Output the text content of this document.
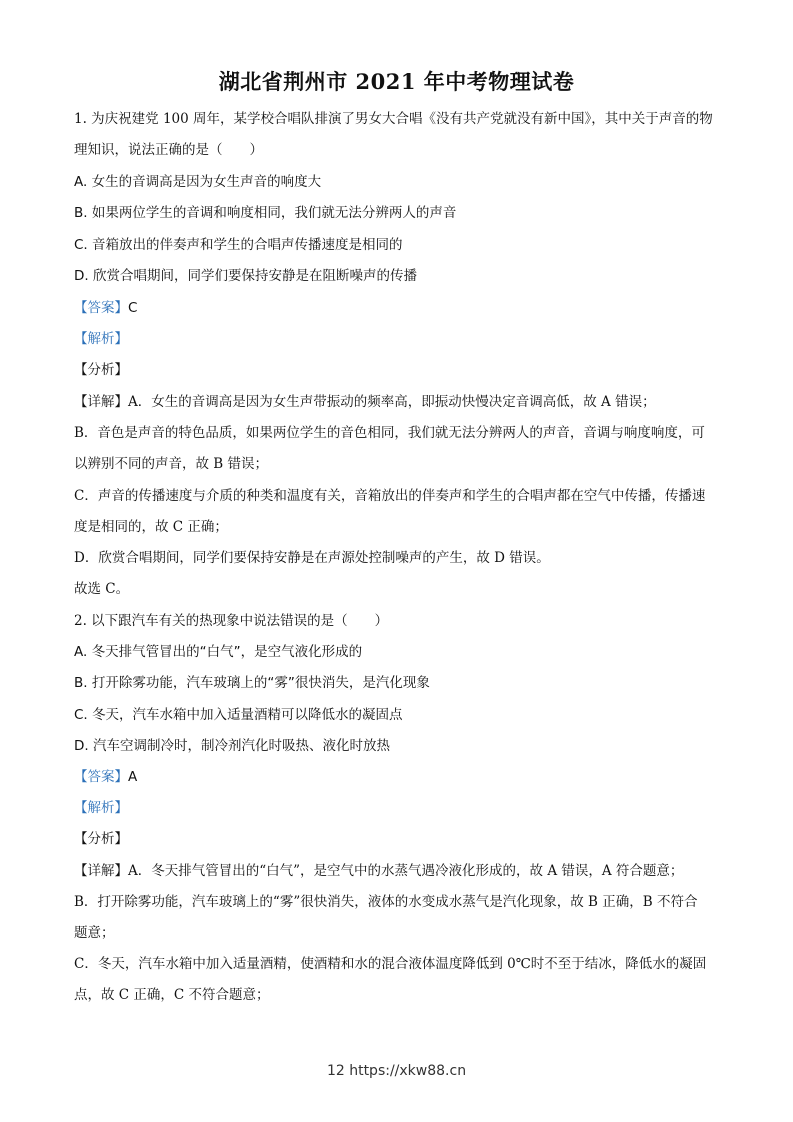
湖北省荆州市 2021 年中考物理试卷
1. 为庆祝建党 100 周年，某学校合唱队排演了男女大合唱《没有共产党就没有新中国》，其中关于声音的物
理知识，说法正确的是（　　）
A. 女生的音调高是因为女生声音的响度大
B. 如果两位学生的音调和响度相同，我们就无法分辨两人的声音
C. 音箱放出的伴奏声和学生的合唱声传播速度是相同的
D. 欣赏合唱期间，同学们要保持安静是在阻断噪声的传播
【答案】C
【解析】
【分析】
【详解】A．女生的音调高是因为女生声带振动的频率高，即振动快慢决定音调高低，故 A 错误；
B．音色是声音的特色品质，如果两位学生的音色相同，我们就无法分辨两人的声音，音调与响度响度，可
以辨别不同的声音，故 B 错误；
C．声音的传播速度与介质的种类和温度有关，音箱放出的伴奏声和学生的合唱声都在空气中传播，传播速
度是相同的，故 C 正确；
D．欣赏合唱期间，同学们要保持安静是在声源处控制噪声的产生，故 D 错误。
故选 C。
2. 以下跟汽车有关的热现象中说法错误的是（　　）
A. 冬天排气管冒出的“白气”，是空气液化形成的
B. 打开除雾功能，汽车玻璃上的“雾”很快消失，是汽化现象
C. 冬天，汽车水箱中加入适量酒精可以降低水的凝固点
D. 汽车空调制冷时，制冷剂汽化时吸热、液化时放热
【答案】A
【解析】
【分析】
【详解】A．冬天排气管冒出的“白气”，是空气中的水蒸气遇冷液化形成的，故 A 错误，A 符合题意；
B．打开除雾功能，汽车玻璃上的“雾”很快消失，液体的水变成水蒸气是汽化现象，故 B 正确，B 不符合
题意；
C．冬天，汽车水箱中加入适量酒精，使酒精和水的混合液体温度降低到 0℃时不至于结冰，降低水的凝固
点，故 C 正确，C 不符合题意；
12 https://xkw88.cn
